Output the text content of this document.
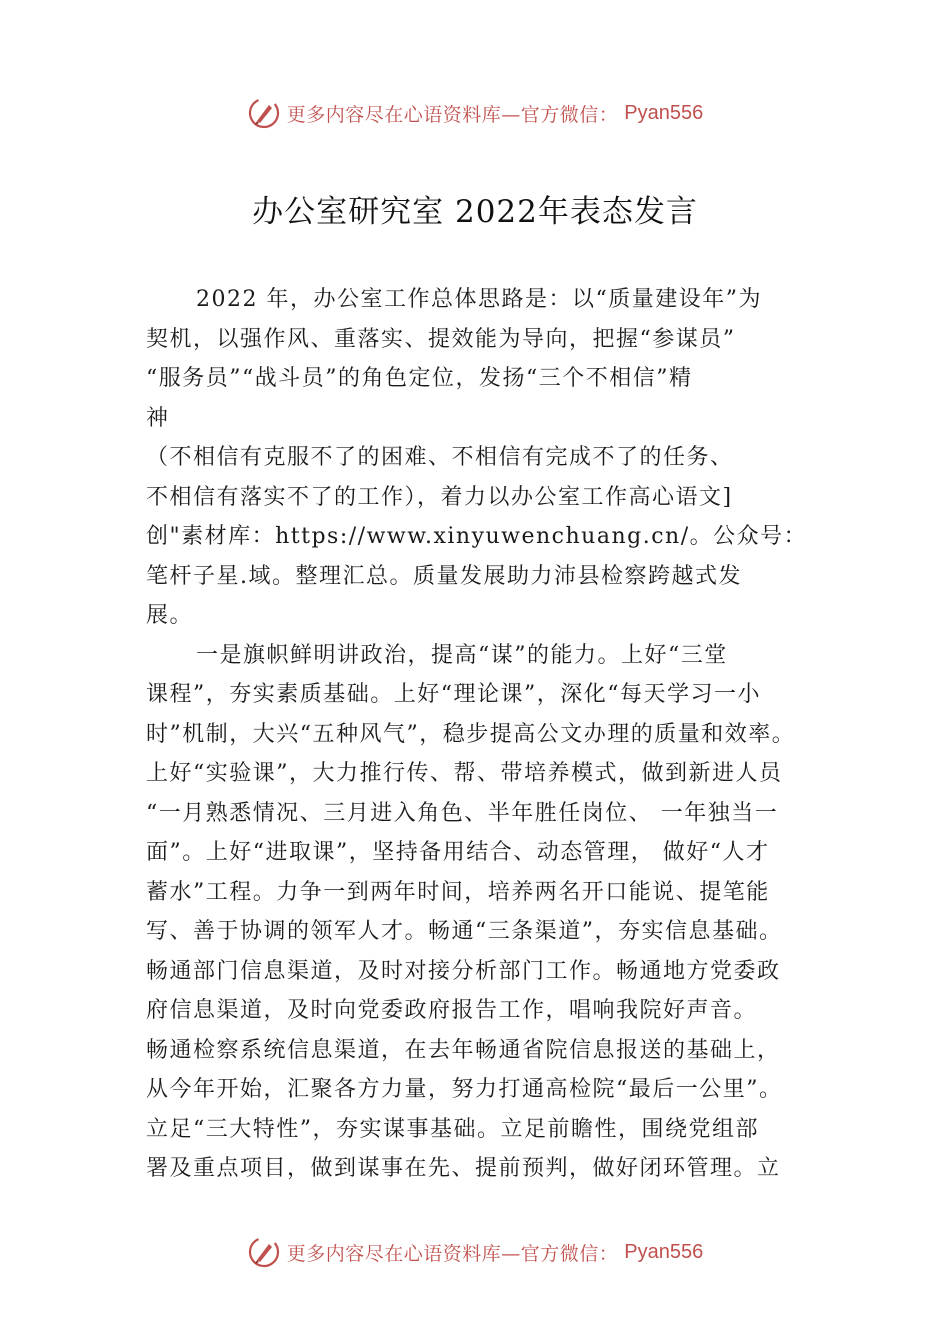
更多内容尽在心语资料库—官方微信： Pyan556
办公室研究室 2022年表态发言
2022 年，办公室工作总体思路是：以“质量建设年”为
契机，以强作风、重落实、提效能为导向，把握“参谋员”
“服务员”“战斗员”的角色定位，发扬“三个不相信”精
神
（不相信有克服不了的困难、不相信有完成不了的任务、
不相信有落实不了的工作），着力以办公室工作高心语文]
创"素材库：https://www.xinyuwenchuang.cn/。公众号：
笔杆子星.域。整理汇总。质量发展助力沛县检察跨越式发
展。
一是旗帜鲜明讲政治，提高“谋”的能力。上好“三堂
课程”，夯实素质基础。上好“理论课”，深化“每天学习一小
时”机制，大兴“五种风气”，稳步提高公文办理的质量和效率。
上好“实验课”，大力推行传、帮、带培养模式，做到新进人员
“一月熟悉情况、三月进入角色、半年胜任岗位、 一年独当一
面”。上好“进取课”，坚持备用结合、动态管理， 做好“人才
蓄水”工程。力争一到两年时间，培养两名开口能说、提笔能
写、善于协调的领军人才。畅通“三条渠道”，夯实信息基础。
畅通部门信息渠道，及时对接分析部门工作。畅通地方党委政
府信息渠道，及时向党委政府报告工作，唱响我院好声音。
畅通检察系统信息渠道，在去年畅通省院信息报送的基础上，
从今年开始，汇聚各方力量，努力打通高检院“最后一公里”。
立足“三大特性”，夯实谋事基础。立足前瞻性，围绕党组部
署及重点项目，做到谋事在先、提前预判，做好闭环管理。立
更多内容尽在心语资料库—官方微信： Pyan556
